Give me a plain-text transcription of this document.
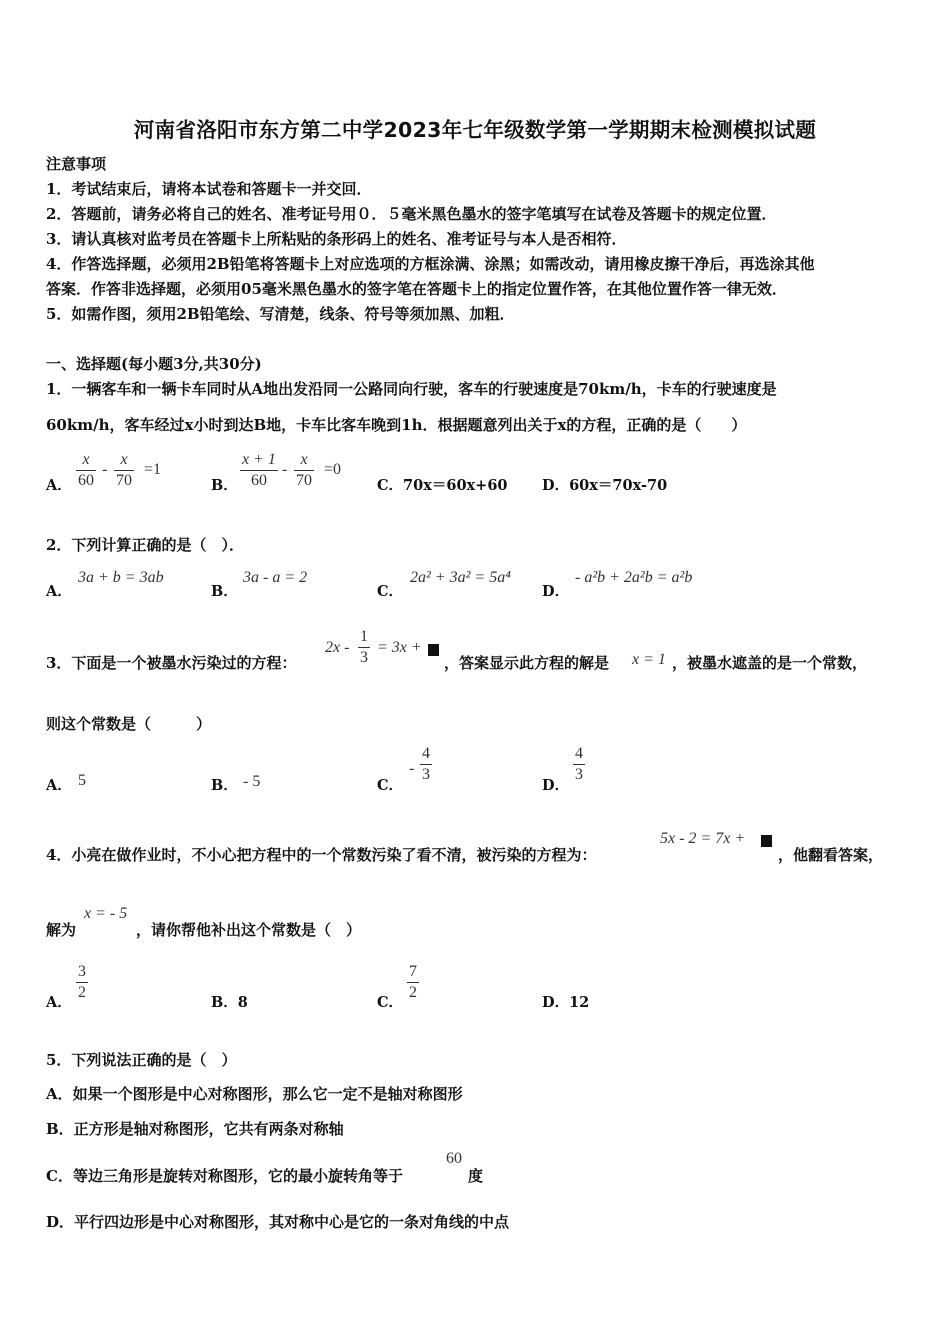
河南省洛阳市东方第二中学2023年七年级数学第一学期期末检测模拟试题
注意事项
1．考试结束后，请将本试卷和答题卡一并交回．
2．答题前，请务必将自己的姓名、准考证号用０．５毫米黑色墨水的签字笔填写在试卷及答题卡的规定位置．
3．请认真核对监考员在答题卡上所粘贴的条形码上的姓名、准考证号与本人是否相符．
4．作答选择题，必须用2B铅笔将答题卡上对应选项的方框涂满、涂黑；如需改动，请用橡皮擦干净后，再选涂其他
答案．作答非选择题，必须用05毫米黑色墨水的签字笔在答题卡上的指定位置作答，在其他位置作答一律无效．
5．如需作图，须用2B铅笔绘、写清楚，线条、符号等须加黑、加粗．
一、选择题(每小题3分,共30分)
1．一辆客车和一辆卡车同时从A地出发沿同一公路同向行驶，客车的行驶速度是70km/h，卡车的行驶速度是
60km/h，客车经过x小时到达B地，卡车比客车晚到1h．根据题意列出关于x的方程，正确的是（　　）
A． $\frac{x}{60} - \frac{x}{70} =1$
B． $\frac{x + 1}{60} - \frac{x}{70} =0$
C．70x＝60x+60 D．60x＝70x-70
2．下列计算正确的是（　）．
A．
3a + b = 3ab
B．
3a - a = 2
C．
2a² + 3a² = 5a⁴
D．
- a²b + 2a²b = a²b
3．下面是一个被墨水污染过的方程：
$2x - \frac{1}{3} = 3x$ +
，答案显示此方程的解是 x = 1 ，被墨水遮盖的是一个常数，
则这个常数是（　　　）
A． 5	B． - 5	C．
- $\frac{4}{3}$
D．
$\frac{4}{3}$
4．小亮在做作业时，不小心把方程中的一个常数污染了看不清，被污染的方程为：
5x - 2 = 7x +
，他翻看答案，
解为
x = - 5
，请你帮他补出这个常数是（　）
A．
$\frac{3}{2}$
B．8	C．
$\frac{7}{2}$
D．12
5．下列说法正确的是（　）
A．如果一个图形是中心对称图形，那么它一定不是轴对称图形
B．正方形是轴对称图形，它共有两条对称轴
C．等边三角形是旋转对称图形，它的最小旋转角等于
60
度
D．平行四边形是中心对称图形，其对称中心是它的一条对角线的中点
